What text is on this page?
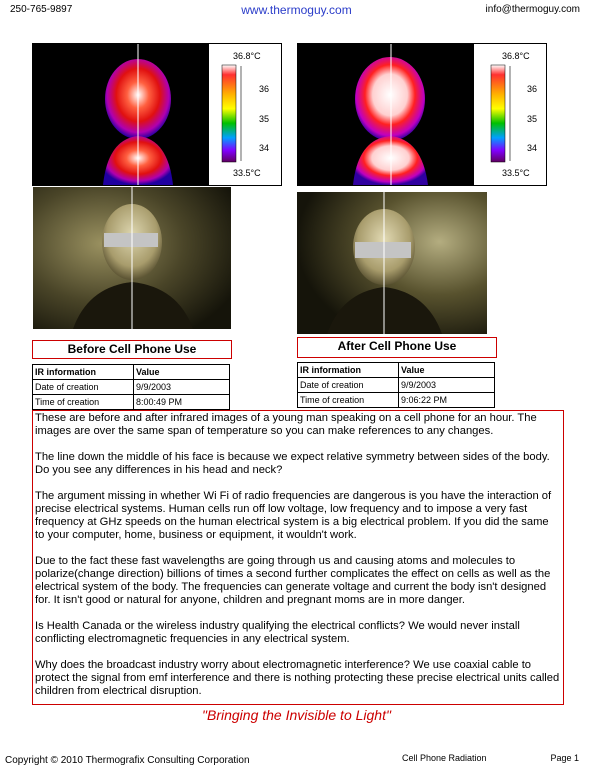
250-765-9897	www.thermoguy.com	info@thermoguy.com
36.8°C
36
35
34
33.5°C
36.8°C
36
35
34
33.5°C
Before Cell Phone Use	After Cell Phone Use
IR information	Value
Date of creation	9/9/2003
Time of creation	8:00:49 PM
IR information	Value
Date of creation	9/9/2003
Time of creation	9:06:22 PM

These are before and after infrared images of a young man speaking on a cell phone for an hour. The images are over the same span of temperature so you can make references to any changes.

The line down the middle of his face is because we expect relative symmetry between sides of the body. Do you see any differences in his head and neck?

The argument missing in whether Wi Fi of radio frequencies are dangerous is you have the interaction of precise electrical systems. Human cells run off low voltage, low frequency and to impose a very fast frequency at GHz speeds on the human electrical system is a big electrical problem. If you did the same to your computer, home, business or equipment, it wouldn't work.

Due to the fact these fast wavelengths are going through us and causing atoms and molecules to polarize(change direction) billions of times a second further complicates the effect on cells as well as the electrical system of the body. The frequencies can generate voltage and current the body isn't designed for. It isn't good or natural for anyone, children and pregnant moms are in more danger.

Is Health Canada or the wireless industry qualifying the electrical conflicts? We would never install conflicting electromagnetic frequencies in any electrical system.

Why does the broadcast industry worry about electromagnetic interference? We use coaxial cable to protect the signal from emf interference and there is nothing protecting these precise electrical units called children from electrical disruption.

"Bringing the Invisible to Light"
Copyright © 2010 Thermografix Consulting Corporation	Cell Phone Radiation	Page 1
